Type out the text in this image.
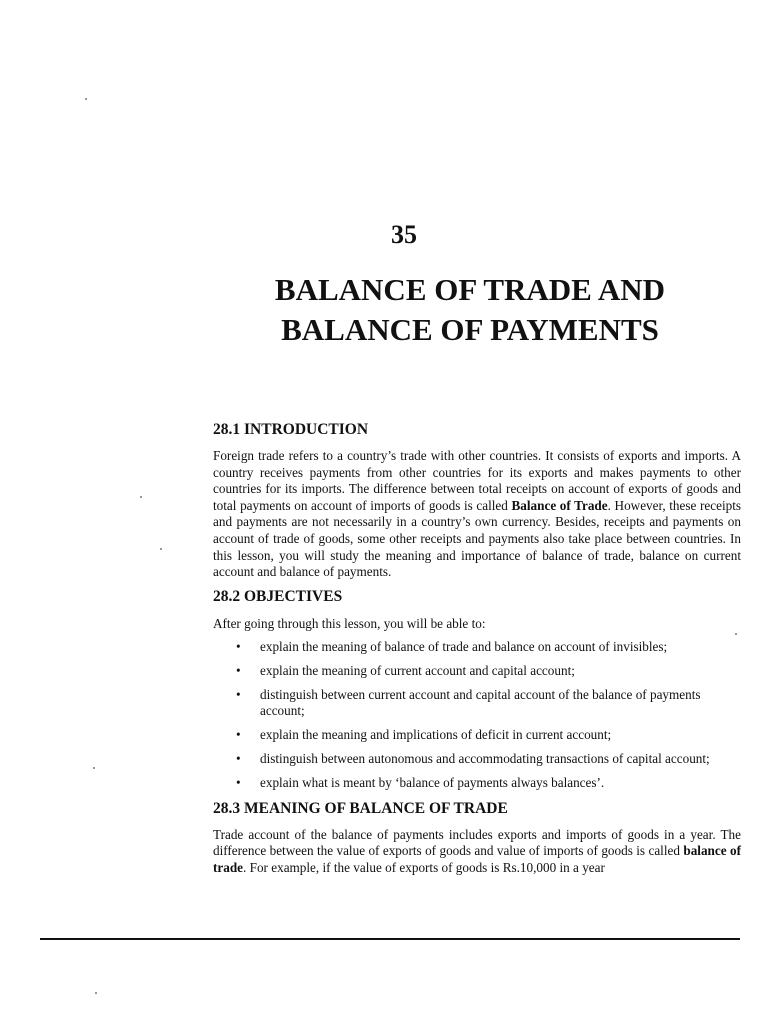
35
BALANCE OF TRADE AND
BALANCE OF PAYMENTS
28.1 INTRODUCTION

Foreign trade refers to a country’s trade with other countries. It consists of exports and imports. A country receives payments from other countries for its exports and makes payments to other countries for its imports. The difference between total receipts on account of exports of goods and total payments on account of imports of goods is called Balance of Trade. However, these receipts and payments are not necessarily in a country’s own currency. Besides, receipts and payments on account of trade of goods, some other receipts and payments also take place between countries. In this lesson, you will study the meaning and importance of balance of trade, balance on current account and balance of payments.

28.2 OBJECTIVES

After going through this lesson, you will be able to:

• explain the meaning of balance of trade and balance on account of invisibles;
• explain the meaning of current account and capital account;
• distinguish between current account and capital account of the balance of payments account;
• explain the meaning and implications of deficit in current account;
• distinguish between autonomous and accommodating transactions of capital account;
• explain what is meant by ‘balance of payments always balances’.
28.3 MEANING OF BALANCE OF TRADE

Trade account of the balance of payments includes exports and imports of goods in a year. The difference between the value of exports of goods and value of imports of goods is called balance of trade. For example, if the value of exports of goods is Rs.10,000 in a year
